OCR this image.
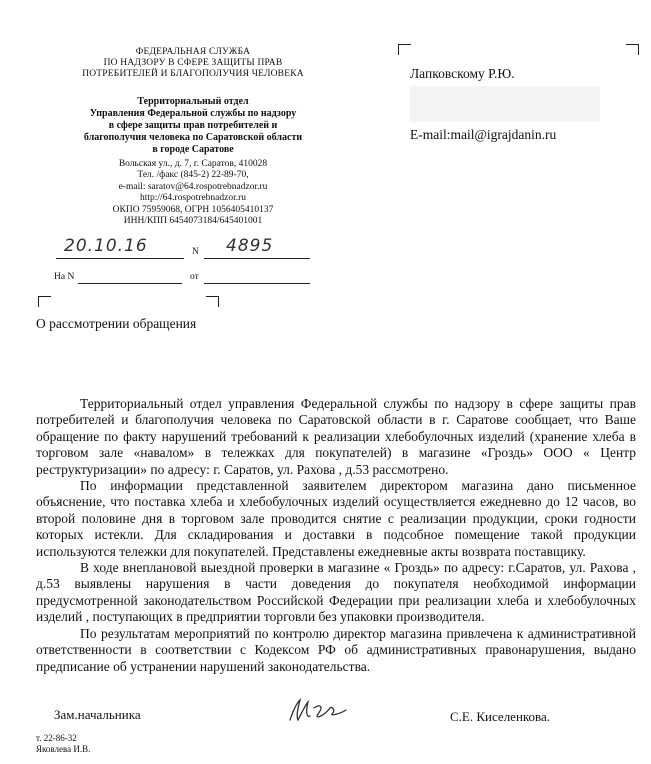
ФЕДЕРАЛЬНАЯ СЛУЖБА
ПО НАДЗОРУ В СФЕРЕ ЗАЩИТЫ ПРАВ
ПОТРЕБИТЕЛЕЙ И БЛАГОПОЛУЧИЯ ЧЕЛОВЕКА
Территориальный отдел
Управления Федеральной службы по надзору
в сфере защиты прав потребителей и
благополучия человека по Саратовской области
в городе Саратове
Вольская ул., д. 7, г. Саратов, 410028
Тел. /факс (845-2) 22-89-70,
e-mail: saratov@64.rospotrebnadzor.ru
http://64.rospotrebnadzor.ru
ОКПО 75959068, ОГРН 1056405410137
ИНН/КПП 6454073184/645401001
20.10.16	N 4895
На N	от
О рассмотрении обращения
Лапковскому Р.Ю.
E-mail:mail@igrajdanin.ru

Территориальный отдел управления Федеральной службы по надзору в сфере защиты прав потребителей и благополучия человека по Саратовской области в г. Саратове сообщает, что Ваше обращение по факту нарушений требований к реализации хлебобулочных изделий (хранение хлеба в торговом зале «навалом» в тележках для покупателей) в магазине «Гроздь» ООО « Центр реструктуризации» по адресу: г. Саратов, ул. Рахова , д.53 рассмотрено.

По информации представленной заявителем директором магазина дано письменное объяснение, что поставка хлеба и хлебобулочных изделий осуществляется ежедневно до 12 часов, во второй половине дня в торговом зале проводится снятие с реализации продукции, сроки годности которых истекли. Для складирования и доставки в подсобное помещение такой продукции используются тележки для покупателей. Представлены ежедневные акты возврата поставщику.

В ходе внеплановой выездной проверки в магазине « Гроздь» по адресу: г.Саратов, ул. Рахова , д.53 выявлены нарушения в части доведения до покупателя необходимой информации предусмотренной законодательством Российской Федерации при реализации хлеба и хлебобулочных изделий , поступающих в предприятии торговли без упаковки производителя.

По результатам мероприятий по контролю директор магазина привлечена к административной ответственности в соответствии с Кодексом РФ об административных правонарушения, выдано предписание об устранении нарушений законодательства.

Зам.начальника	С.Е. Киселенкова.
т. 22-86-32
Яковлева И.В.
